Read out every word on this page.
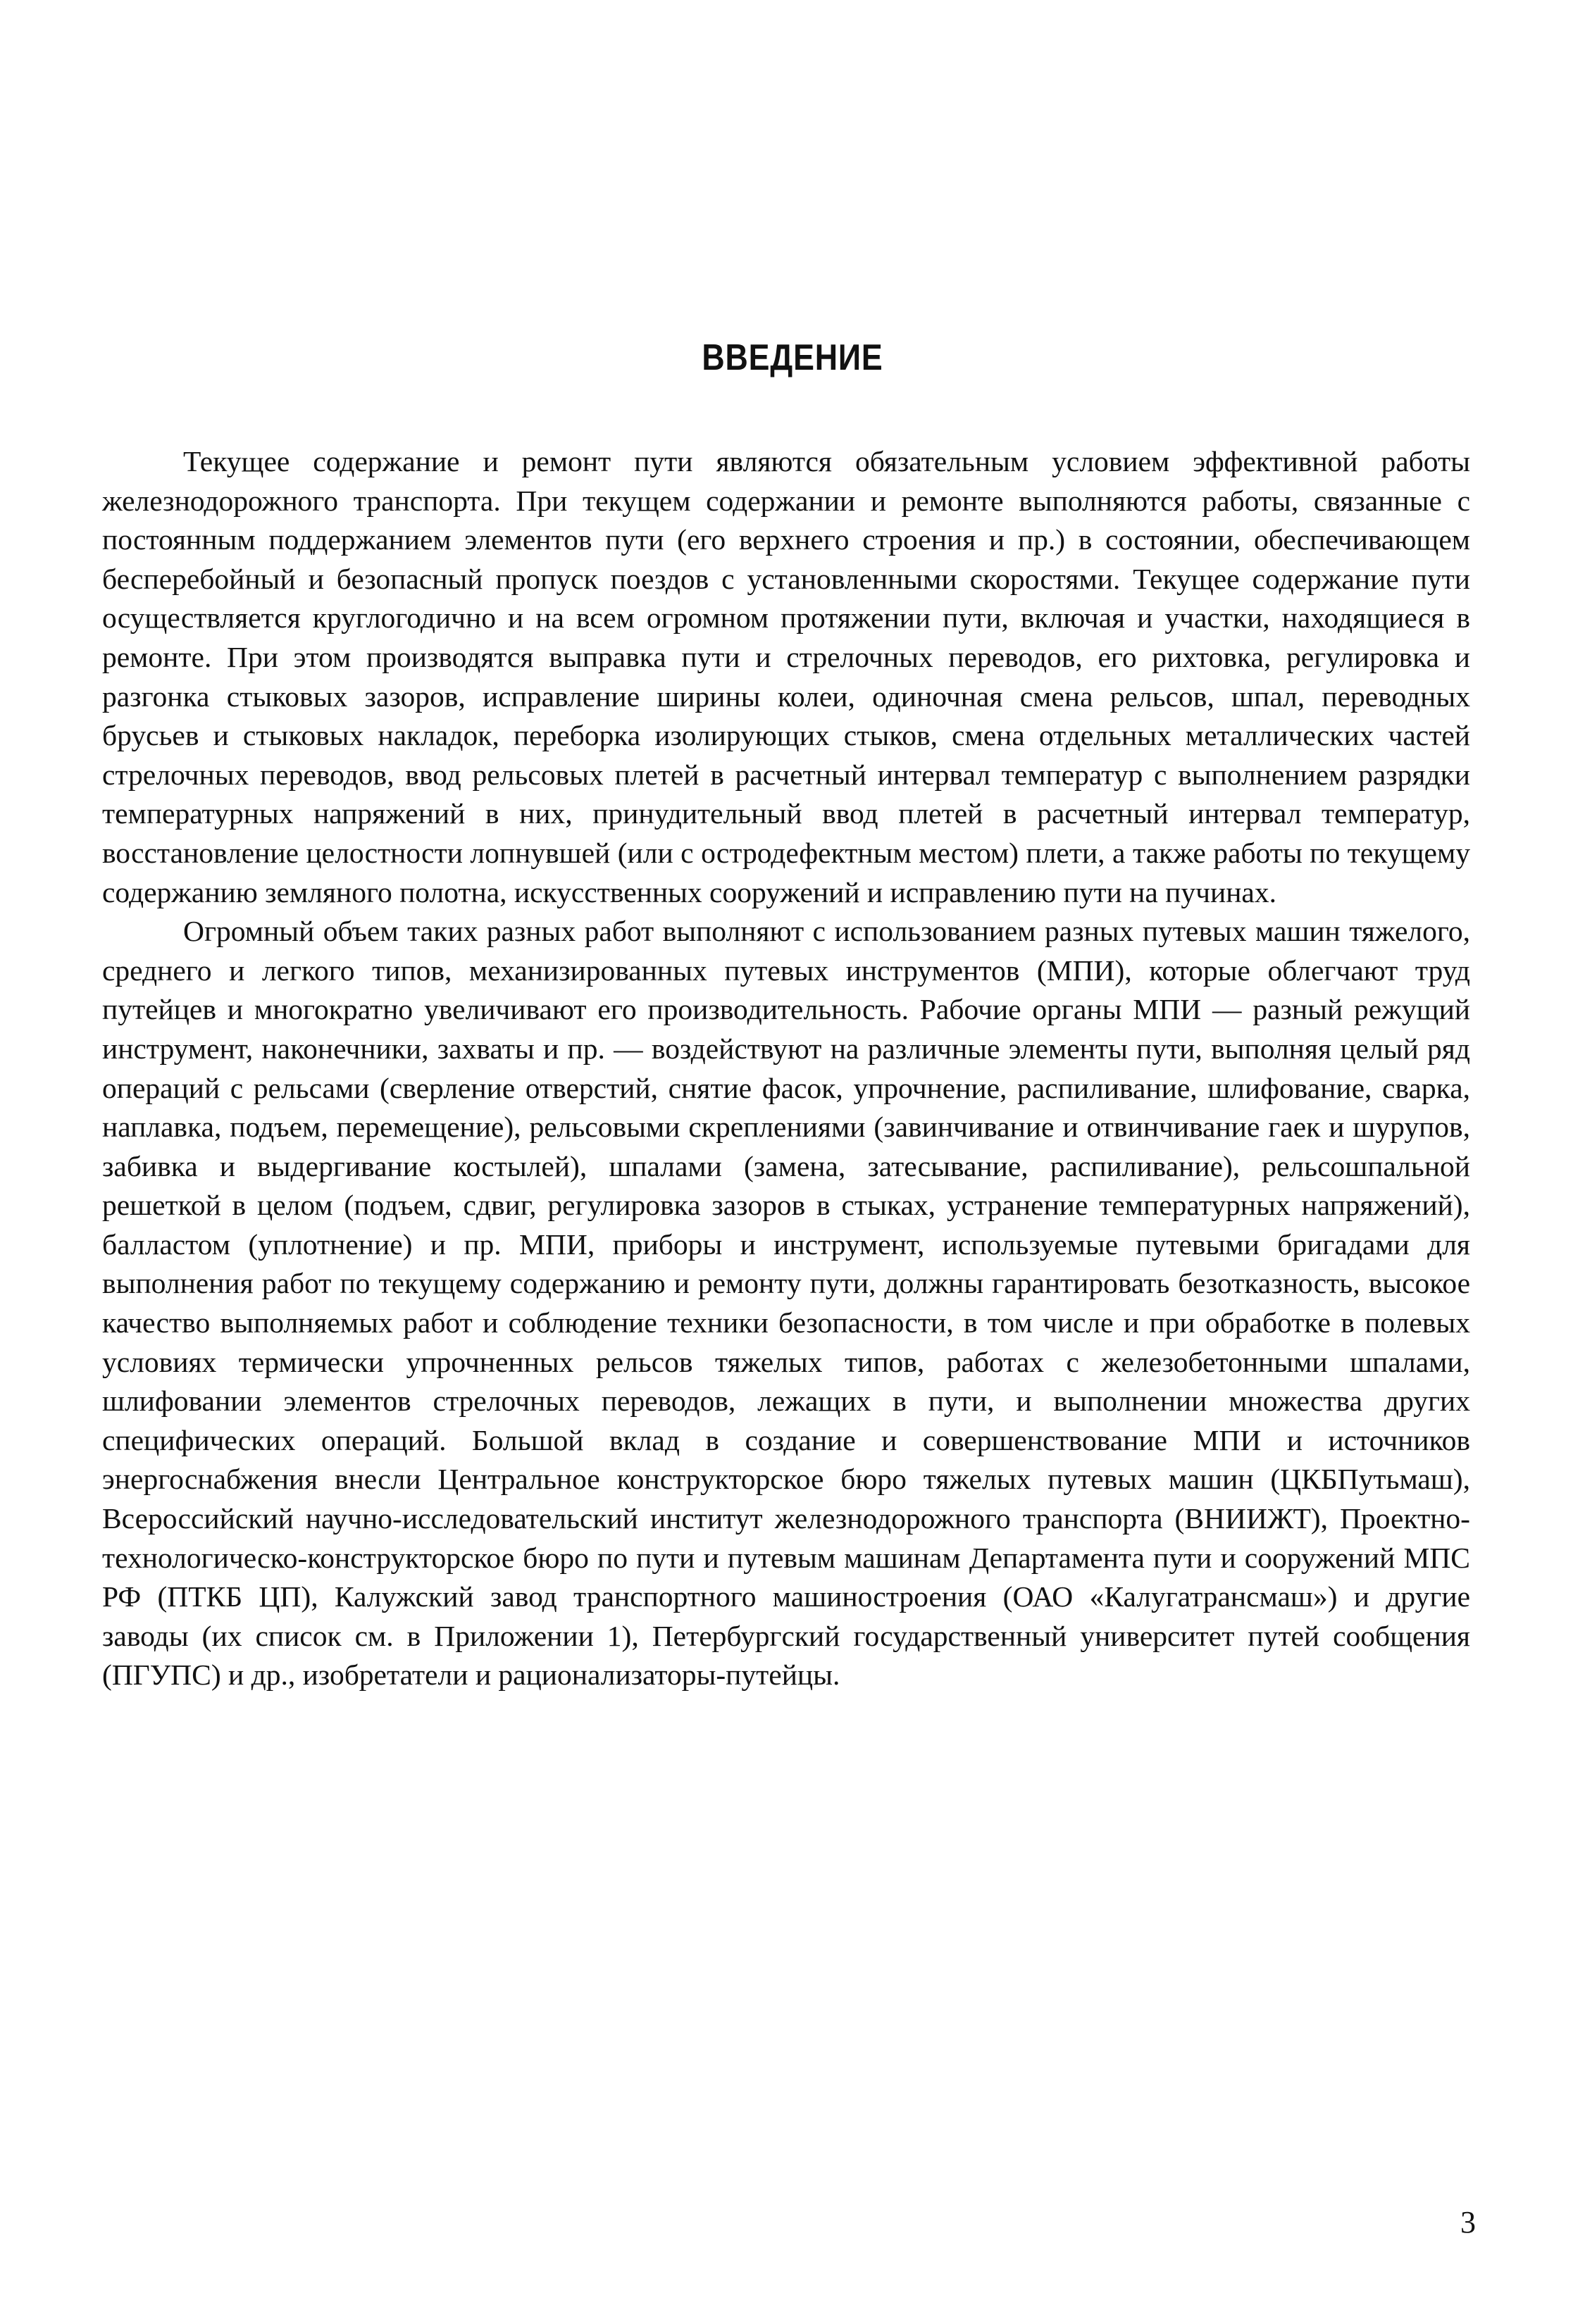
ВВЕДЕНИЕ

Текущее содержание и ремонт пути являются обязательным условием эффективной работы железнодорожного транспорта. При текущем содержании и ремонте выполняются работы, связанные с постоянным поддержанием элементов пути (его верхнего строения и пр.) в состоянии, обеспечивающем бесперебойный и безопасный пропуск поездов с установленными скоростями. Текущее содержание пути осуществляется круглогодично и на всем огромном протяжении пути, включая и участки, находящиеся в ремонте. При этом производятся выправка пути и стрелочных переводов, его рихтовка, регулировка и разгонка стыковых зазоров, исправление ширины колеи, одиночная смена рельсов, шпал, переводных брусьев и стыковых накладок, переборка изолирующих стыков, смена отдельных металлических частей стрелочных переводов, ввод рельсовых плетей в расчетный интервал температур с выполнением разрядки температурных напряжений в них, принудительный ввод плетей в расчетный интервал температур, восстановление целостности лопнувшей (или с остродефектным местом) плети, а также работы по текущему содержанию земляного полотна, искусственных сооружений и исправлению пути на пучинах.

Огромный объем таких разных работ выполняют с использованием разных путевых машин тяжелого, среднего и легкого типов, механизированных путевых инструментов (МПИ), которые облегчают труд путейцев и многократно увеличивают его производительность. Рабочие органы МПИ — разный режущий инструмент, наконечники, захваты и пр. — воздействуют на различные элементы пути, выполняя целый ряд операций с рельсами (сверление отверстий, снятие фасок, упрочнение, распиливание, шлифование, сварка, наплавка, подъем, перемещение), рельсовыми скреплениями (завинчивание и отвинчивание гаек и шурупов, забивка и выдергивание костылей), шпалами (замена, затесывание, распиливание), рельсошпальной решеткой в целом (подъем, сдвиг, регулировка зазоров в стыках, устранение температурных напряжений), балластом (уплотнение) и пр. МПИ, приборы и инструмент, используемые путевыми бригадами для выполнения работ по текущему содержанию и ремонту пути, должны гарантировать безотказность, высокое качество выполняемых работ и соблюдение техники безопасности, в том числе и при обработке в полевых условиях термически упрочненных рельсов тяжелых типов, работах с железобетонными шпалами, шлифовании элементов стрелочных переводов, лежащих в пути, и выполнении множества других специфических операций. Большой вклад в создание и совершенствование МПИ и источников энергоснабжения внесли Центральное конструкторское бюро тяжелых путевых машин (ЦКБПутьмаш), Всероссийский научно-исследовательский институт железнодорожного транспорта (ВНИИЖТ), Проектно-технологическо-конструкторское бюро по пути и путевым машинам Департамента пути и сооружений МПС РФ (ПТКБ ЦП), Калужский завод транспортного машиностроения (ОАО «Калугатрансмаш») и другие заводы (их список см. в Приложении 1), Петербургский государственный университет путей сообщения (ПГУПС) и др., изобретатели и рационализаторы-путейцы.

3
